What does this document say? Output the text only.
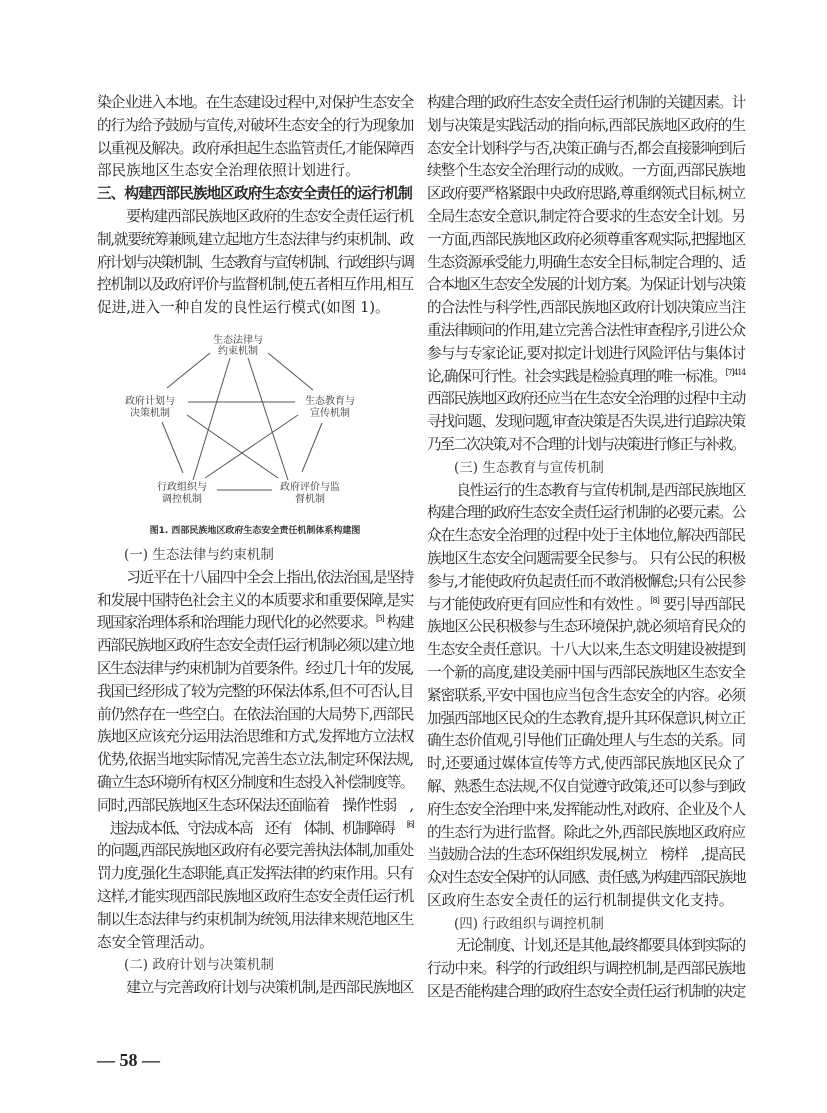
染企业进入本地。在生态建设过程中,对保护生态安全
的行为给予鼓励与宣传,对破坏生态安全的行为现象加
以重视及解决。政府承担起生态监管责任,才能保障西
部民族地区生态安全治理依照计划进行。
三、构建西部民族地区政府生态安全责任的运行机制
要构建西部民族地区政府的生态安全责任运行机
制,就要统筹兼顾,建立起地方生态法律与约束机制、政
府计划与决策机制、生态教育与宣传机制、行政组织与调
控机制以及政府评价与监督机制,使五者相互作用,相互
促进,进入一种自发的良性运行模式(如图 1)。
生态法律与
约束机制
政府计划与
决策机制
生态教育与
宣传机制
行政组织与
调控机制
政府评价与监
督机制
图1. 西部民族地区政府生态安全责任机制体系构建图
(一) 生态法律与约束机制
习近平在十八届四中全会上指出,依法治国,是坚持
和发展中国特色社会主义的本质要求和重要保障,是实
现国家治理体系和治理能力现代化的必然要求。[5] 构建
西部民族地区政府生态安全责任运行机制必须以建立地
区生态法律与约束机制为首要条件。经过几十年的发展,
我国已经形成了较为完整的环保法体系,但不可否认,目
前仍然存在一些空白。在依法治国的大局势下,西部民
族地区应该充分运用法治思维和方式,发挥地方立法权
优势,依据当地实际情况,完善生态立法,制定环保法规,
确立生态环境所有权区分制度和生态投入补偿制度等。
同时,西部民族地区生态环保法还面临着　操作性弱　,
　违法成本低、守法成本高　还有　体制、机制障碍　[6]
的问题,西部民族地区政府有必要完善执法体制,加重处
罚力度,强化生态职能,真正发挥法律的约束作用。只有
这样,才能实现西部民族地区政府生态安全责任运行机
制以生态法律与约束机制为统领,用法律来规范地区生
态安全管理活动。
(二) 政府计划与决策机制
建立与完善政府计划与决策机制,是西部民族地区
构建合理的政府生态安全责任运行机制的关键因素。计
划与决策是实践活动的指向标,西部民族地区政府的生
态安全计划科学与否,决策正确与否,都会直接影响到后
续整个生态安全治理行动的成败。一方面,西部民族地
区政府要严格紧跟中央政府思路,尊重纲领式目标,树立
全局生态安全意识,制定符合要求的生态安全计划。另
一方面,西部民族地区政府必须尊重客观实际,把握地区
生态资源承受能力,明确生态安全目标,制定合理的、适
合本地区生态安全发展的计划方案。为保证计划与决策
的合法性与科学性,西部民族地区政府计划决策应当注
重法律顾问的作用,建立完善合法性审查程序,引进公众
参与与专家论证,要对拟定计划进行风险评估与集体讨
论,确保可行性。社会实践是检验真理的唯一标准。$^{[7]414}$
西部民族地区政府还应当在生态安全治理的过程中主动
寻找问题、发现问题,审查决策是否失误,进行追踪决策
乃至二次决策,对不合理的计划与决策进行修正与补救。
(三) 生态教育与宣传机制
良性运行的生态教育与宣传机制,是西部民族地区
构建合理的政府生态安全责任运行机制的必要元素。公
众在生态安全治理的过程中处于主体地位,解决西部民
族地区生态安全问题需要全民参与。 只有公民的积极
参与,才能使政府负起责任而不敢消极懈怠;只有公民参
与才能使政府更有回应性和有效性 。[8] 要引导西部民
族地区公民积极参与生态环境保护,就必须培育民众的
生态安全责任意识。十八大以来,生态文明建设被提到
一个新的高度,建设美丽中国与西部民族地区生态安全
紧密联系,平安中国也应当包含生态安全的内容。必须
加强西部地区民众的生态教育,提升其环保意识,树立正
确生态价值观,引导他们正确处理人与生态的关系。同
时,还要通过媒体宣传等方式,使西部民族地区民众了
解、熟悉生态法规,不仅自觉遵守政策,还可以参与到政
府生态安全治理中来,发挥能动性,对政府、企业及个人
的生态行为进行监督。除此之外,西部民族地区政府应
当鼓励合法的生态环保组织发展,树立　榜样　,提高民
众对生态安全保护的认同感、责任感,为构建西部民族地
区政府生态安全责任的运行机制提供文化支持。
(四) 行政组织与调控机制
无论制度、计划,还是其他,最终都要具体到实际的
行动中来。科学的行政组织与调控机制,是西部民族地
区是否能构建合理的政府生态安全责任运行机制的决定
— 58 —
